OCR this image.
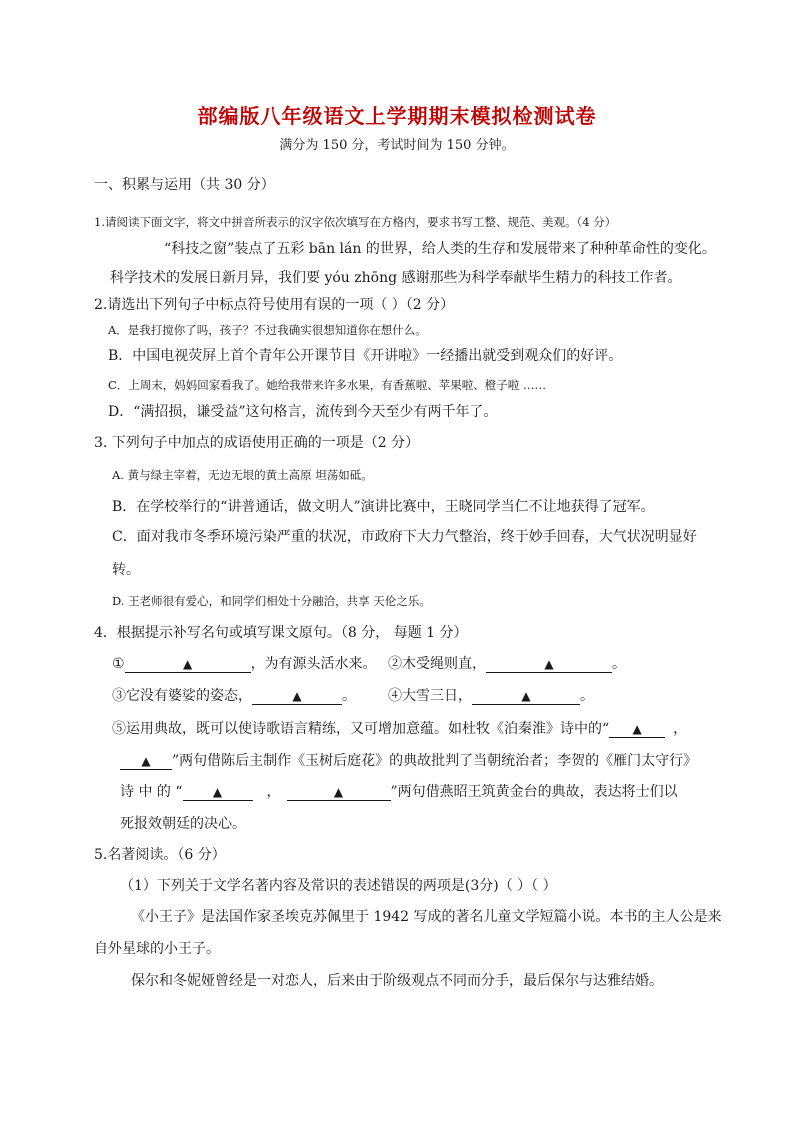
部编版八年级语文上学期期末模拟检测试卷
满分为 150 分，考试时间为 150 分钟。
一、积累与运用（共 30 分）
1.请阅读下面文字，将文中拼音所表示的汉字依次填写在方格内，要求书写工整、规范、美观。（4 分）
“科技之窗”装点了五彩 bān lán 的世界，给人类的生存和发展带来了种种革命性的变化。
科学技术的发展日新月异，我们要 yóu zhōng 感谢那些为科学奉献毕生精力的科技工作者。
2.请选出下列句子中标点符号使用有误的一项（ ）（2 分）
A．是我打搅你了吗，孩子？不过我确实很想知道你在想什么。
B．中国电视荧屏上首个青年公开课节目《开讲啦》一经播出就受到观众们的好评。
C．上周末，妈妈回家看我了。她给我带来许多水果，有香蕉啦、苹果啦、橙子啦 ……
D．“满招损，谦受益”这句格言，流传到今天至少有两千年了。
3. 下列句子中加点的成语使用正确的一项是（2 分）
A. 黄与绿主宰着，无边无垠的黄土高原 坦荡如砥。
B．在学校举行的“讲普通话，做文明人”演讲比赛中，王晓同学当仁不让地获得了冠军。
C．面对我市冬季环境污染严重的状况，市政府下大力气整治，终于妙手回春，大气状况明显好
转。
D. 王老师很有爱心，和同学们相处十分融洽，共享 天伦之乐。
4．根据提示补写名句或填写课文原句。（8 分， 每题 1 分）
①	▲	，为有源头活水来。 ②木受绳则直，	▲	。
③它没有婆娑的姿态，	▲	。 ④大雪三日，	▲	。
⑤运用典故，既可以使诗歌语言精练，又可增加意蕴。如杜牧《泊秦淮》诗中的“ ▲ ，
▲ ”两句借陈后主制作《玉树后庭花》的典故批判了当朝统治者；李贺的《雁门太守行》
诗 中 的 “	▲	，	▲	”两句借燕昭王筑黄金台的典故，表达将士们以
死报效朝廷的决心。
5.名著阅读。（6 分）
（1）下列关于文学名著内容及常识的表述错误的两项是(3分)（ ）（ ）
《小王子》是法国作家圣埃克苏佩里于 1942 写成的著名儿童文学短篇小说。本书的主人公是来
自外星球的小王子。
保尔和冬妮娅曾经是一对恋人，后来由于阶级观点不同而分手，最后保尔与达雅结婚。
